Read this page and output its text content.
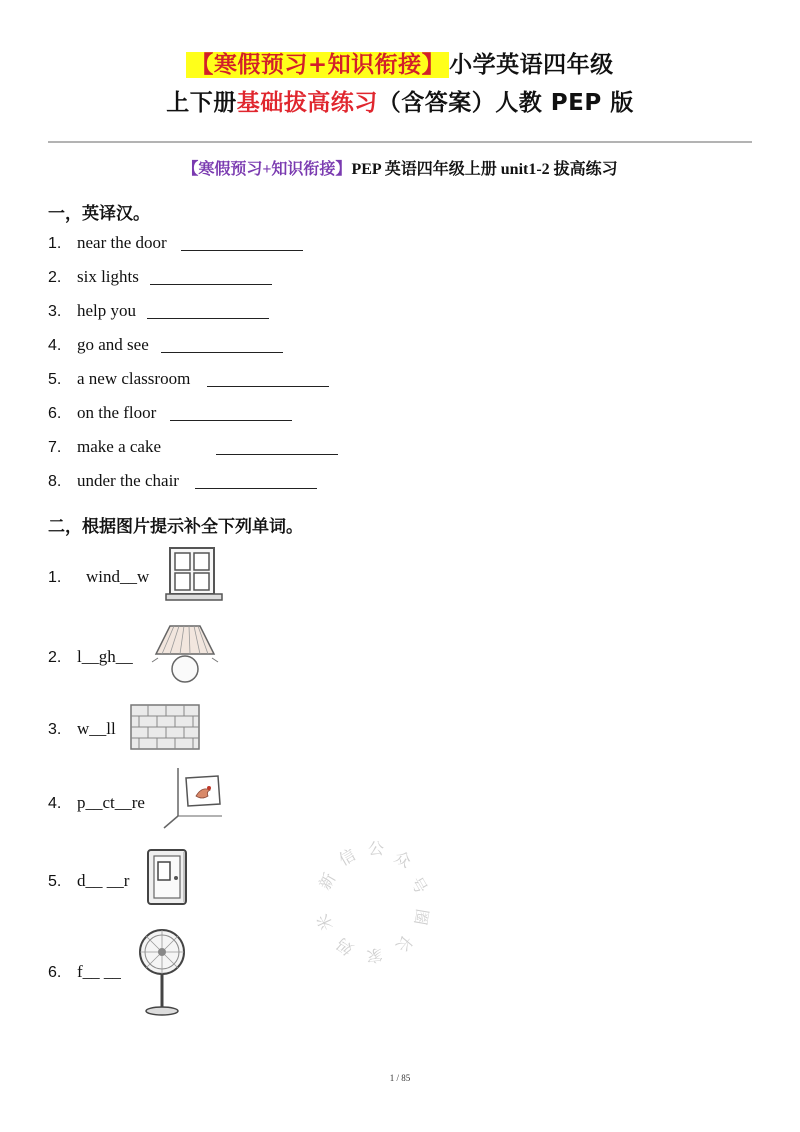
【寒假预习+知识衔接】 小学英语四年级
上下册基础拔高练习（含答案）人教 PEP 版
【寒假预习+知识衔接】PEP 英语四年级上册 unit1-2 拔高练习
一，英译汉。
1. near the door
2. six lights
3. help you
4. go and see
5. a new classroom
6. on the floor
7. make a cake
8. under the chair
二，根据图片提示补全下列单词。
1. wind__w
2. l__gh__
3. w__ll
4. p__ct__re
5. d__ __r
6. f__ __
新
信 公 众
号
圈
长
家
妈
米
1 / 85
